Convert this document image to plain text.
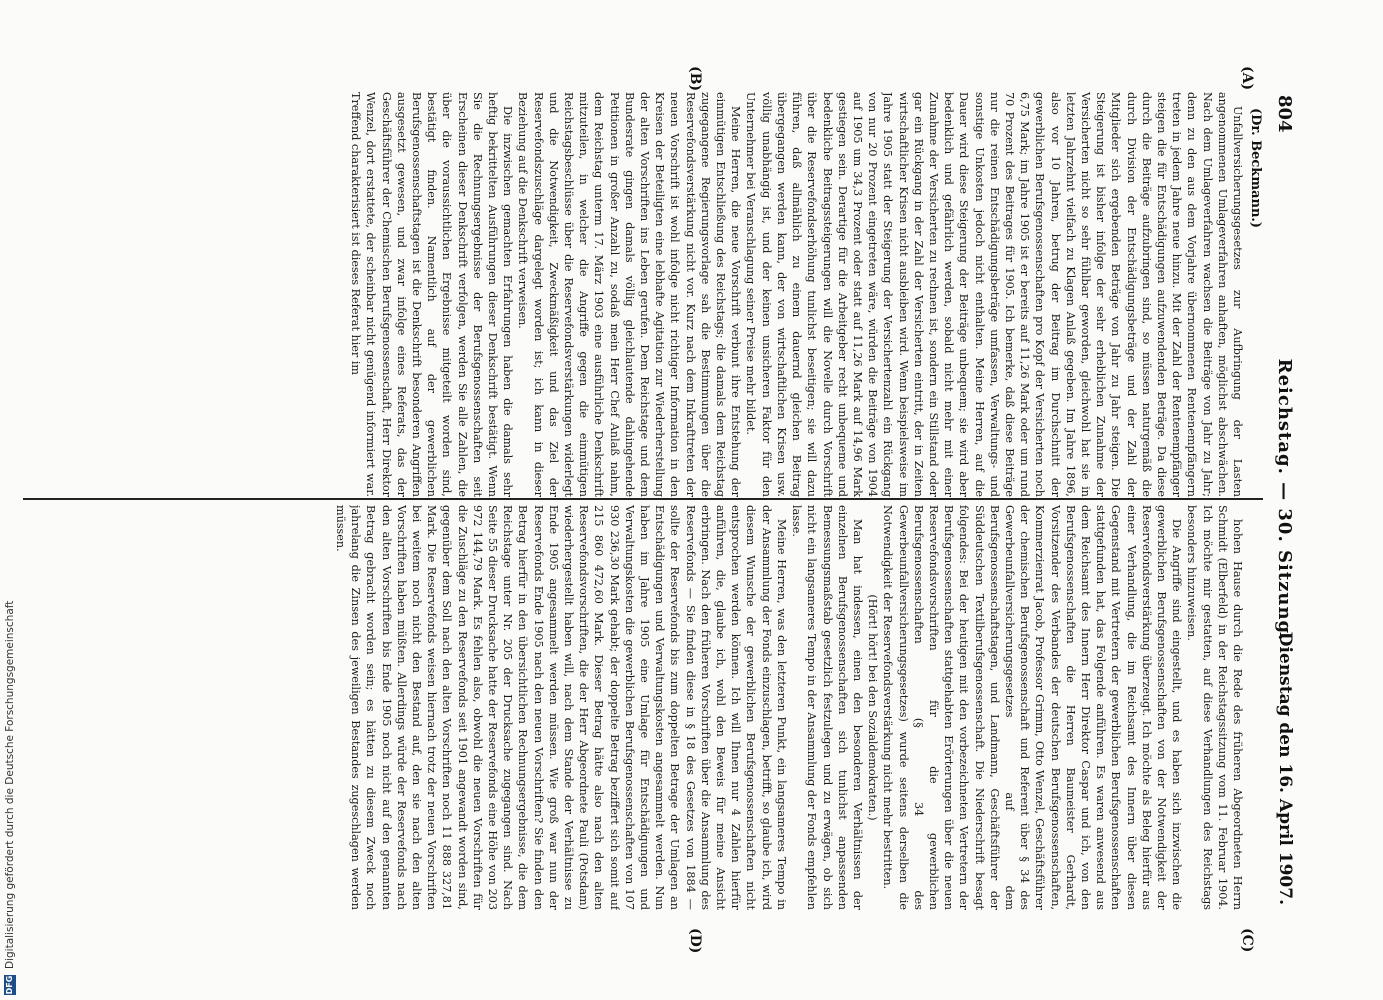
804
Reichstag. — 30. Sitzung.
Dienstag den 16. April 1907.
(Dr. Beckmann.)
(A)
(B)
(C)
(D)

Unfallversicherungsgesetzes zur Aufbringung der Lasten angenommenen Umlageverfahren anhaften, möglichst abschwächen. Nach dem Umlageverfahren wachsen die Beiträge von Jahr zu Jahr; denn zu den aus dem Vorjahre übernommenen Rentenempfängern treten in jedem Jahre neue hinzu. Mit der Zahl der Rentenempfänger steigen die für Entschädigungen aufzuwendenden Beträge. Da diese durch die Beiträge aufzubringen sind, so müssen naturgemäß die durch Division der Entschädigungsbeträge und der Zahl der Mitglieder sich ergebenden Beträge von Jahr zu Jahr steigen. Die Steigerung ist bisher infolge der sehr erheblichen Zunahme der Versicherten nicht so sehr fühlbar geworden, gleichwohl hat sie in letzten Jahrzehnt vielfach zu Klagen Anlaß gegeben. Im Jahre 1896, also vor 10 Jahren, betrug der Beitrag im Durchschnitt der gewerblichen Berufsgenossenschaften pro Kopf der Versicherten noch 6,75 Mark; im Jahre 1905 ist er bereits auf 11,26 Mark oder um rund 70 Prozent des Beitrages für 1905. Ich bemerke, daß diese Beiträge nur die reinen Entschädigungsbeträge umfassen, Verwaltungs- und sonstige Unkosten jedoch nicht enthalten. Meine Herren, auf die Dauer wird diese Steigerung der Beiträge unbequem; sie wird aber bedenklich und gefährlich werden, sobald nicht mehr mit einer Zunahme der Versicherten zu rechnen ist, sondern ein Stillstand oder gar ein Rückgang in der Zahl der Versicherten eintritt, der in Zeiten wirtschaftlicher Krisen nicht ausbleiben wird. Wenn beispielsweise im Jahre 1905 statt der Steigerung der Versichertenzahl ein Rückgang von nur 20 Prozent eingetreten wäre, würden die Beiträge von 1904 auf 1905 um 34,3 Prozent oder statt auf 11,26 Mark auf 14,96 Mark gestiegen sein. Derartige für die Arbeitgeber recht unbequeme und bedenkliche Beitragssteigerungen will die Novelle durch Vorschrift über die Reservefondserhöhung tunlichst beseitigen; sie will dazu führen, daß allmählich zu einem dauernd gleichen Beitrag übergegangen werden kann, der von wirtschaftlichen Krisen usw. völlig unabhängig ist, und der keinen unsicheren Faktor für den Unternehmer bei Veranschlagung seiner Preise mehr bildet.

Meine Herren, die neue Vorschrift verbunt ihre Entstehung der einmütigen Entschließung des Reichstags; die damals dem Reichstag zugegangene Regierungsvorlage sah die Bestimmungen über die Reservefondsverstärkung nicht vor. Kurz nach dem Inkrafttreten der neuen Vorschrift ist wohl infolge nicht richtiger Information in den Kreisen der Beteiligten eine lebhafte Agitation zur Wiederherstellung der alten Vorschriften ins Leben gerufen. Dem Reichstage und dem Bundesrate gingen damals völlig gleichlautende dahingehende Petitionen in großer Anzahl zu, sodaß mein Herr Chef Anlaß nahm, dem Reichstag unterm 17. März 1903 eine ausführliche Denkschrift mitzuteilen, in welcher die Angriffe gegen die einmütigen Reichstagsbeschlüsse über die Reservefondsverstärkungen widerlegt und die Notwendigkeit, Zweckmäßigkeit und das Ziel der Reservefondszuschläge dargelegt worden ist; ich kann in dieser Beziehung auf die Denkschrift verweisen.

Die inzwischen gemachten Erfahrungen haben die damals sehr heftig bekrittelten Ausführungen dieser Denkschrift bestätigt. Wenn Sie die Rechnungsergebnisse der Berufsgenossenschaften seit Erscheinen dieser Denkschrift verfolgen, werden Sie alle Zahlen, die über die voraussichtlichen Ergebnisse mitgeteilt worden sind, bestätigt finden. Namentlich auf der gewerblichen Berufsgenossenschaftstagen ist die Denkschrift besonderen Angriffen ausgesetzt gewesen, und zwar infolge eines Referats, das der Geschäftsführer der Chemischen Berufsgenossenschaft, Herr Direktor Wenzel, dort erstattete, der scheinbar nicht genügend informiert war. Treffend charakterisiert ist dieses Referat hier im

hohen Hause durch die Rede des früheren Abgeordneten Herrn Schmidt (Elberfeld) in der Reichstagssitzung vom 11. Februar 1904. Ich möchte mir gestatten, auf diese Verhandlungen des Reichstags besonders hinzuweisen.

Die Angriffe sind eingestellt, und es haben sich inzwischen die gewerblichen Berufsgenossenschaften von der Notwendigkeit der Reservefondsverstärkung überzeugt. Ich möchte als Beleg hierfür aus einer Verhandlung, die im Reichsamt des Innern über diesen Gegenstand mit Vertretern der gewerblichen Berufsgenossenschaften stattgefunden hat, das Folgende anführen. Es waren anwesend aus dem Reichsamt des Innern Herr Direktor Caspar und ich, von den Berufsgenossenschaften die Herren Baumeister Gerhardt, Vorsitzender des Verbandes der deutschen Berufsgenossenschaften, Kommerzienrat Jacob, Professor Grimm, Otto Wenzel, Geschäftsführer der chemischen Berufsgenossenschaft und Referent über § 34 des Gewerbeunfallversicherungsgesetzes auf dem Berufsgenossenschaftstagen, und Landmann, Geschäftsführer der Süddeutschen Textilberufsgenossenschaft. Die Niederschrift besagt folgendes: Bei der heutigen mit den vorbezeichneten Vertretern der Berufsgenossenschaften stattgehabten Erörterungen über die neuen Reservefondsvorschriften für die gewerblichen Berufsgenossenschaften (§ 34 des Gewerbeunfallversicherungsgesetzes) wurde seitens derselben die Notwendigkeit der Reservefondsverstärkung nicht mehr bestritten.

(Hört! hört! bei den Sozialdemokraten.)

Man hat indessen, einen den besonderen Verhältnissen der einzelnen Berufsgenossenschaften sich tunlichst anpassenden Bemessungsmaßstab gesetzlich festzulegen und zu erwägen, ob sich nicht ein langsameres Tempo in der Ansammlung der Fonds empfehlen lasse.

Meine Herren, was den letzteren Punkt, ein langsameres Tempo in der Ansammlung der Fonds einzuschlagen, betrifft, so glaube ich, wird diesem Wunsche der gewerblichen Berufsgenossenschaften nicht entsprochen werden können. Ich will Ihnen nur 4 Zahlen hierfür anführen, die, glaube ich, wohl den Beweis für meine Ansicht erbringen. Nach den früheren Vorschriften über die Ansammlung des Reservefonds — Sie finden diese in § 18 des Gesetzes von 1884 — sollte der Reservefonds bis zum doppelten Betrage der Umlagen an Entschädigungen und Verwaltungskosten angesammelt werden. Nun haben im Jahre 1905 eine Umlage für Entschädigungen und Verwaltungskosten die gewerblichen Berufsgenossenschaften von 107 930 236,30 Mark gehabt; der doppelte Betrag beziffert sich somit auf 215 860 472,60 Mark. Dieser Betrag hätte also nach den alten Reservefondsvorschriften, die der Herr Abgeordnete Pauli (Potsdam) wiederhergestellt haben will, nach dem Stande der Verhältnisse zu Ende 1905 angesammelt werden müssen. Wie groß war nun der Reservefonds Ende 1905 nach den neuen Vorschriften? Sie finden den Betrag hierfür in den übersichtlichen Rechnungsergebnisse, die dem Reichstage unter Nr. 205 der Drucksache zugegangen sind. Nach Seite 55 dieser Drucksache hatte der Reservefonds eine Höhe von 203 972 144,79 Mark. Es fehlen also, obwohl die neuen Vorschriften für die Zuschläge zu den Reservefonds seit 1901 angewandt worden sind, gegenüber dem Soll nach den alten Vorschriften noch 11 888 327,81 Mark. Die Reservefonds weisen hiernach trotz der neuen Vorschriften bei weitem noch nicht den Bestand auf, den sie nach den alten Vorschriften haben müßten. Allerdings würde der Reservefonds nach den alten Vorschriften bis Ende 1905 noch nicht auf den genannten Betrag gebracht worden sein; es hätten zu diesem Zweck noch jahrelang die Zinsen des jeweiligen Bestandes zugeschlagen werden müssen.

DFGDigitalisierung gefördert durch die Deutsche Forschungsgemeinschaft
